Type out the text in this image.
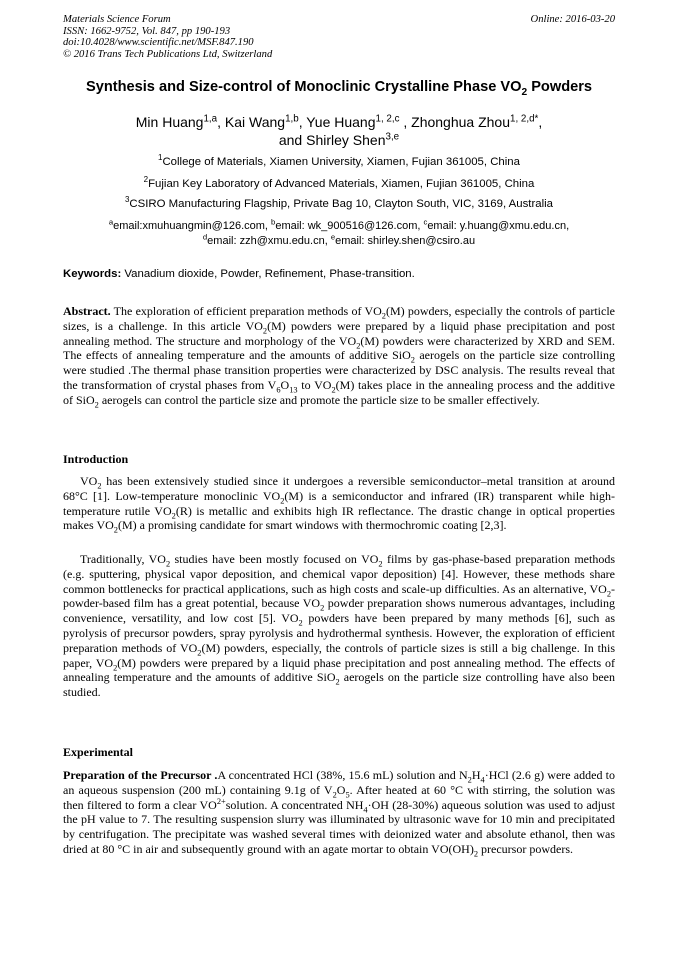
Materials Science Forum
ISSN: 1662-9752, Vol. 847, pp 190-193
doi:10.4028/www.scientific.net/MSF.847.190
© 2016 Trans Tech Publications Ltd, Switzerland
Online: 2016-03-20
Synthesis and Size-control of Monoclinic Crystalline Phase $VO_2$ Powders
Min Huang$^{1,a}$, Kai Wang$^{1,b}$, Yue Huang$^{1, 2,c}$ , Zhonghua Zhou$^{1, 2,d*}$,
and Shirley Shen$^{3,e}$
$^1$College of Materials, Xiamen University, Xiamen, Fujian 361005, China
$^2$Fujian Key Laboratory of Advanced Materials, Xiamen, Fujian 361005, China
$^3$CSIRO Manufacturing Flagship, Private Bag 10, Clayton South, VIC, 3169, Australia
$^a$email:xmuhuangmin@126.com, $^b$email: wk_900516@126.com, $^c$email: y.huang@xmu.edu.cn,
$^d$email: zzh@xmu.edu.cn, $^e$email: shirley.shen@csiro.au
Keywords: Vanadium dioxide, Powder, Refinement, Phase-transition.
Abstract. The exploration of efficient preparation methods of $VO_2(M)$ powders, especially the controls of particle sizes, is a challenge. In this article $VO_2(M)$ powders were prepared by a liquid phase precipitation and post annealing method. The structure and morphology of the $VO_2(M)$ powders were characterized by XRD and SEM. The effects of annealing temperature and the amounts of additive SiO$_2$ aerogels on the particle size controlling were studied .The thermal phase transition properties were characterized by DSC analysis. The results reveal that the transformation of crystal phases from $V_6O_{13}$ to $VO_2(M)$ takes place in the annealing process and the additive of SiO$_2$ aerogels can control the particle size and promote the particle size to be smaller effectively.
Introduction
$VO_2$ has been extensively studied since it undergoes a reversible semiconductor–metal transition at around 68°C [1]. Low-temperature monoclinic $VO_2(M)$ is a semiconductor and infrared (IR) transparent while high-temperature rutile $VO_2(R)$ is metallic and exhibits high IR reflectance. The drastic change in optical properties makes $VO_2(M)$ a promising candidate for smart windows with thermochromic coating [2,3].
Traditionally, $VO_2$ studies have been mostly focused on $VO_2$ films by gas-phase-based preparation methods (e.g. sputtering, physical vapor deposition, and chemical vapor deposition) [4]. However, these methods share common bottlenecks for practical applications, such as high costs and scale-up difficulties. As an alternative, $VO_2-powder$-based film has a great potential, because $VO_2$ powder preparation shows numerous advantages, including convenience, versatility, and low cost [5]. $VO_2$ powders have been prepared by many methods [6], such as pyrolysis of precursor powders, spray pyrolysis and hydrothermal synthesis. However, the exploration of efficient preparation methods of $VO_2(M)$ powders, especially, the controls of particle sizes is still a big challenge. In this paper, $VO_2(M)$ powders were prepared by a liquid phase precipitation and post annealing method. The effects of annealing temperature and the amounts of additive SiO$_2$ aerogels on the particle size controlling have also been studied.
Experimental
Preparation of the Precursor .A concentrated HCl (38%, 15.6 mL) solution and $N_2H_4\cdot HCl$ (2.6 g) were added to an aqueous suspension (200 mL) containing 9.1g of $V_2O_5$. After heated at 60 °C with stirring, the solution was then filtered to form a clear $VO^{2+}solution$. A concentrated $NH_4\cdot OH$ (28-30%) aqueous solution was used to adjust the pH value to 7. The resulting suspension slurry was illuminated by ultrasonic wave for 10 min and precipitated by centrifugation. The precipitate was washed several times with deionized water and absolute ethanol, then was dried at 80 °C in air and subsequently ground with an agate mortar to obtain $VO(OH)_2$ precursor powders.
